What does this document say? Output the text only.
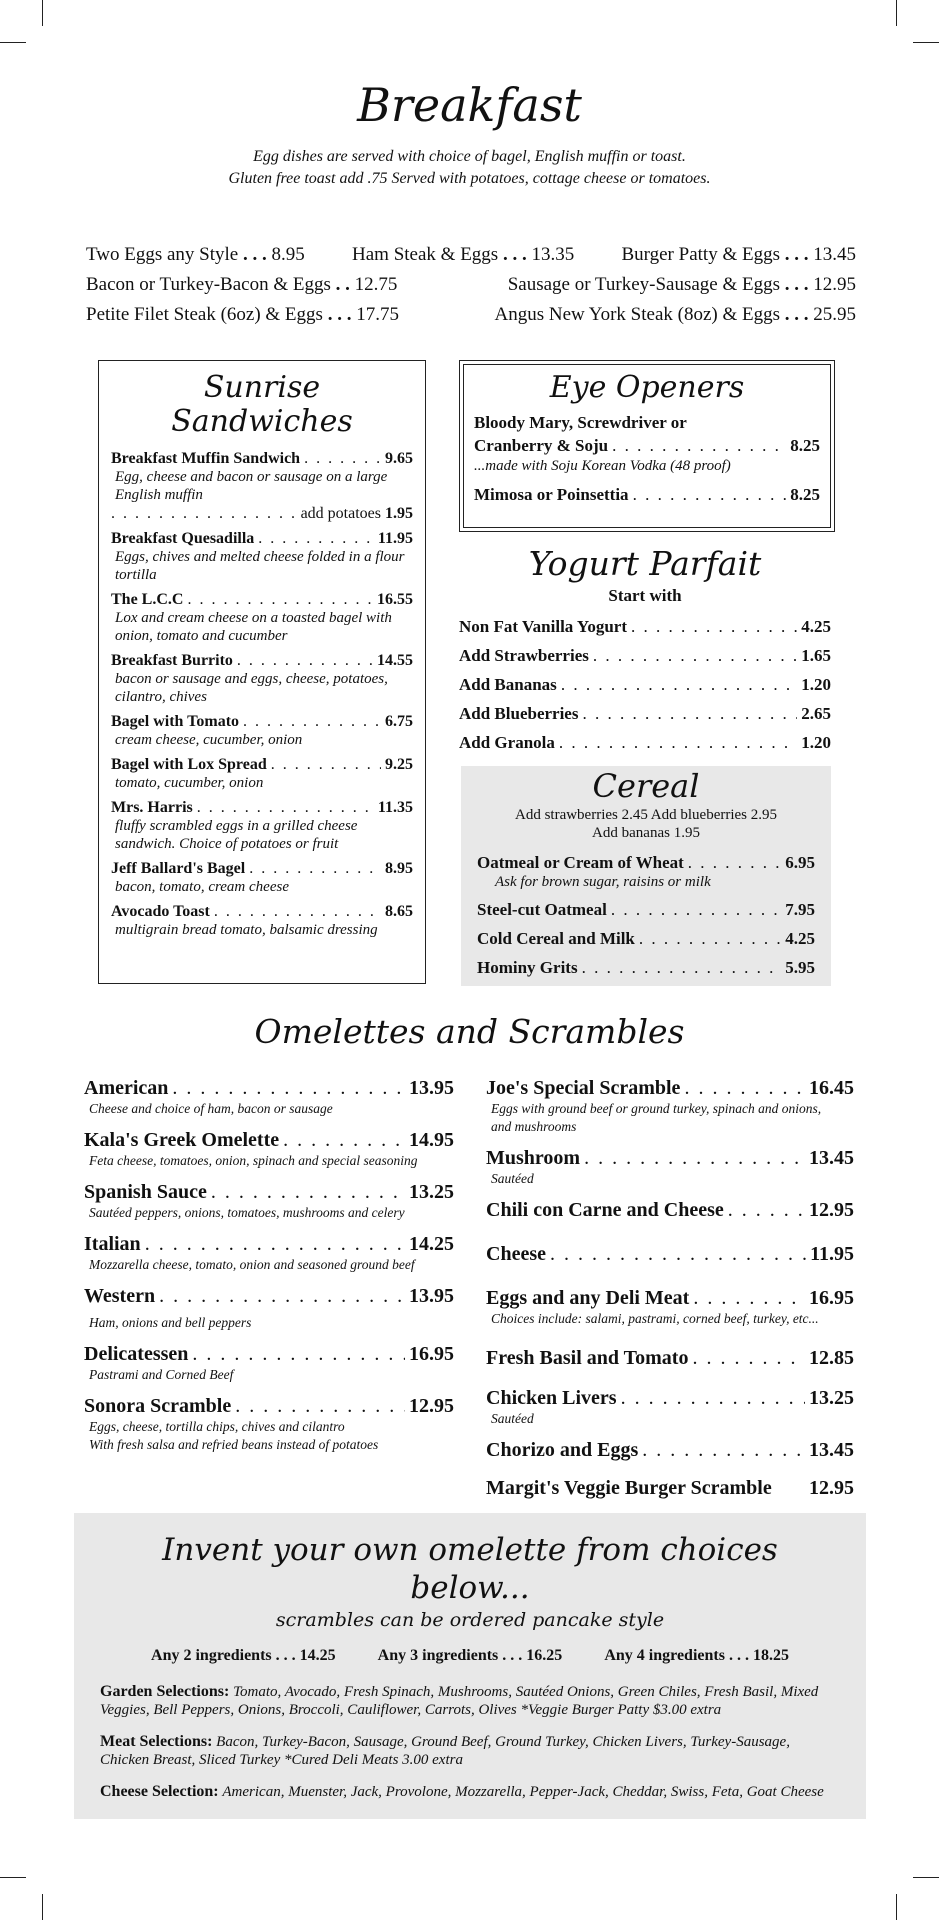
Breakfast
Egg dishes are served with choice of bagel, English muffin or toast.
Gluten free toast add .75 Served with potatoes, cottage cheese or tomatoes.
Two Eggs any Style . . . 8.95 Ham Steak & Eggs . . . 13.35 Burger Patty & Eggs . . . 13.45
Bacon or Turkey-Bacon & Eggs . . 12.75	Sausage or Turkey-Sausage & Eggs . . . 12.95
Petite Filet Steak (6oz) & Eggs . . . 17.75	Angus New York Steak (8oz) & Eggs . . . 25.95
Sunrise Sandwiches
Breakfast Muffin Sandwich . . .	9.65
Egg, cheese and bacon or sausage on a large English muffin
. . .
add potatoes
1.95
Breakfast Quesadilla . . .	11.95
Eggs, chives and melted cheese folded in a flour tortilla
The L.C.C . . .	16.55
Lox and cream cheese on a toasted bagel with onion, tomato and cucumber
Breakfast Burrito . . .	14.55
bacon or sausage and eggs, cheese, potatoes, cilantro, chives
Bagel with Tomato . . .	6.75
cream cheese, cucumber, onion
Bagel with Lox Spread . . .	9.25
tomato, cucumber, onion
Mrs. Harris . . .	11.35
fluffy scrambled eggs in a grilled cheese sandwich. Choice of potatoes or fruit
Jeff Ballard's Bagel . . .	8.95
bacon, tomato, cream cheese
Avocado Toast . . .	8.65
multigrain bread tomato, balsamic dressing
Eye Openers
Bloody Mary, Screwdriver or
Cranberry & Soju . . .	8.25
...made with Soju Korean Vodka (48 proof)
Mimosa or Poinsettia . . .	8.25
Yogurt Parfait
Start with
Non Fat Vanilla Yogurt . . .	4.25
Add Strawberries . . .	1.65
Add Bananas . . .	1.20
Add Blueberries . . .	2.65
Add Granola . . .	1.20
Cereal
Add strawberries 2.45 Add blueberries 2.95
Add bananas 1.95
Oatmeal or Cream of Wheat . . .	6.95
Ask for brown sugar, raisins or milk
Steel-cut Oatmeal . . .	7.95
Cold Cereal and Milk . . .	4.25
Hominy Grits . . .	5.95
Omelettes and Scrambles
American . . .	13.95
Cheese and choice of ham, bacon or sausage
Kala's Greek Omelette . . .	14.95
Feta cheese, tomatoes, onion, spinach and special seasoning
Spanish Sauce . . .	13.25
Sautéed peppers, onions, tomatoes, mushrooms and celery
Italian . . .	14.25
Mozzarella cheese, tomato, onion and seasoned ground beef
Western . . .	13.95
Ham, onions and bell peppers
Delicatessen . . .	16.95
Pastrami and Corned Beef
Sonora Scramble . . .	12.95
Eggs, cheese, tortilla chips, chives and cilantro
With fresh salsa and refried beans instead of potatoes
Joe's Special Scramble . . .	16.45
Eggs with ground beef or ground turkey, spinach and onions, and mushrooms
Mushroom . . .	13.45
Sautéed
Chili con Carne and Cheese . . .	12.95
Cheese . . .	11.95
Eggs and any Deli Meat . . .	16.95
Choices include: salami, pastrami, corned beef, turkey, etc...
Fresh Basil and Tomato . . .	12.85
Chicken Livers . . .	13.25
Sautéed
Chorizo and Eggs . . .	13.45
Margit's Veggie Burger Scramble 12.95
Invent your own omelette from choices below...
scrambles can be ordered pancake style
Any 2 ingredients . . . 14.25	Any 3 ingredients . . . 16.25	Any 4 ingredients . . . 18.25
Garden Selections: Tomato, Avocado, Fresh Spinach, Mushrooms, Sautéed Onions, Green Chiles, Fresh Basil, Mixed Veggies, Bell Peppers, Onions, Broccoli, Cauliflower, Carrots, Olives *Veggie Burger Patty $3.00 extra
Meat Selections: Bacon, Turkey-Bacon, Sausage, Ground Beef, Ground Turkey, Chicken Livers, Turkey-Sausage, Chicken Breast, Sliced Turkey *Cured Deli Meats 3.00 extra
Cheese Selection: American, Muenster, Jack, Provolone, Mozzarella, Pepper-Jack, Cheddar, Swiss, Feta, Goat Cheese
